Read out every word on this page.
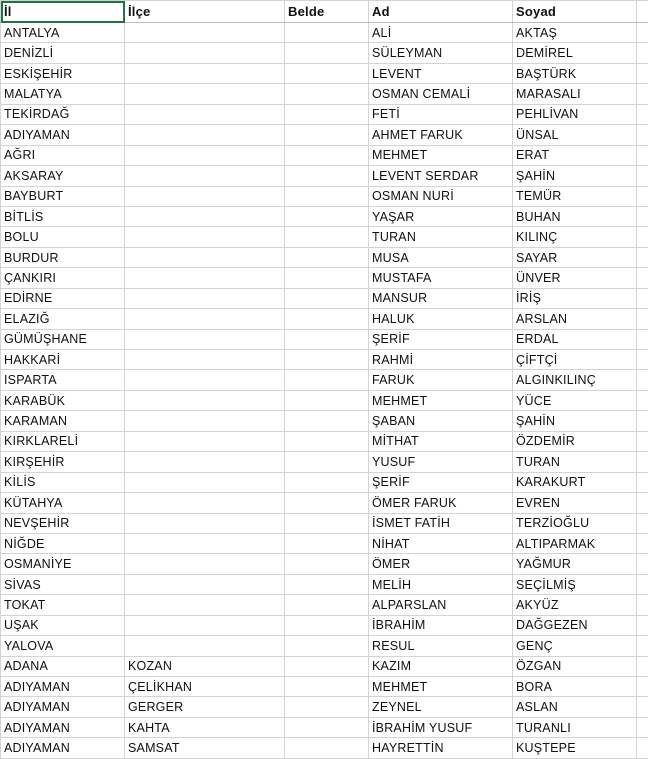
İl	İlçe	Belde	Ad	Soyad	
ANTALYA			ALİ	AKTAŞ	
DENİZLİ			SÜLEYMAN	DEMİREL	
ESKİŞEHİR			LEVENT	BAŞTÜRK	
MALATYA			OSMAN CEMALİ	MARASALI	
TEKİRDAĞ			FETİ	PEHLİVAN	
ADIYAMAN			AHMET FARUK	ÜNSAL	
AĞRI			MEHMET	ERAT	
AKSARAY			LEVENT SERDAR	ŞAHİN	
BAYBURT			OSMAN NURİ	TEMÜR	
BİTLİS			YAŞAR	BUHAN	
BOLU			TURAN	KILINÇ	
BURDUR			MUSA	SAYAR	
ÇANKIRI			MUSTAFA	ÜNVER	
EDİRNE			MANSUR	İRİŞ	
ELAZIĞ			HALUK	ARSLAN	
GÜMÜŞHANE			ŞERİF	ERDAL	
HAKKARİ			RAHMİ	ÇİFTÇİ	
ISPARTA			FARUK	ALGINKILINÇ	
KARABÜK			MEHMET	YÜCE	
KARAMAN			ŞABAN	ŞAHİN	
KIRKLARELİ			MİTHAT	ÖZDEMİR	
KIRŞEHİR			YUSUF	TURAN	
KİLİS			ŞERİF	KARAKURT	
KÜTAHYA			ÖMER FARUK	EVREN	
NEVŞEHİR			İSMET FATİH	TERZİOĞLU	
NİĞDE			NİHAT	ALTIPARMAK	
OSMANİYE			ÖMER	YAĞMUR	
SİVAS			MELİH	SEÇİLMİŞ	
TOKAT			ALPARSLAN	AKYÜZ	
UŞAK			İBRAHİM	DAĞGEZEN	
YALOVA			RESUL	GENÇ	
ADANA	KOZAN		KAZIM	ÖZGAN	
ADIYAMAN	ÇELİKHAN		MEHMET	BORA	
ADIYAMAN	GERGER		ZEYNEL	ASLAN	
ADIYAMAN	KAHTA		İBRAHİM YUSUF	TURANLI	
ADIYAMAN	SAMSAT		HAYRETTİN	KUŞTEPE	
